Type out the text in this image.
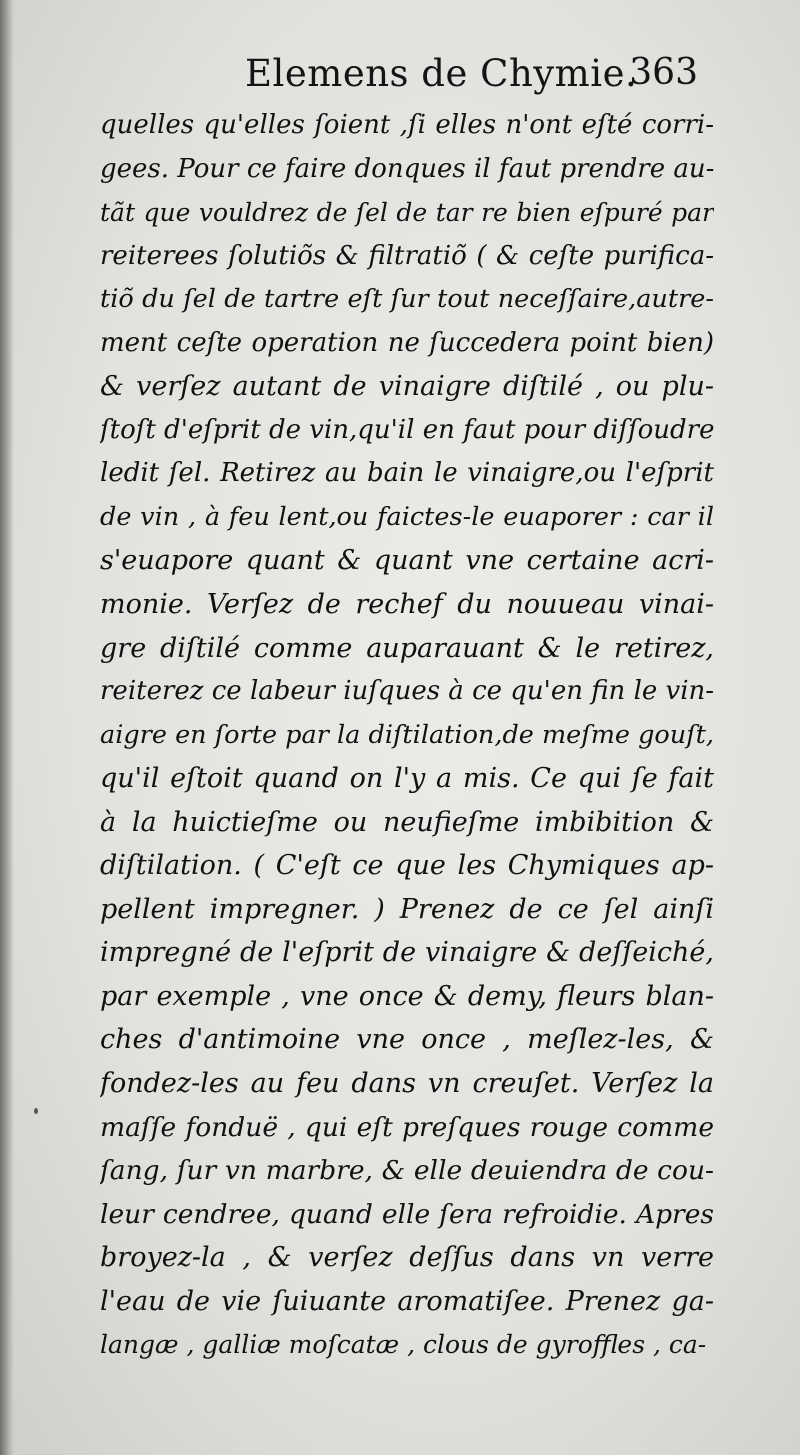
Elemens de Chymie.
363
quelles qu'elles ſoient ,ſi elles n'ont eſté corri-
gees. Pour ce faire donques il faut prendre au-
tãt que vouldrez de ſel de tar re bien eſpuré par
reiterees ſolutiõs & filtratiõ ( & ceſte purifica-
tiõ du ſel de tartre eſt ſur tout neceſſaire,autre-
ment ceſte operation ne ſuccedera point bien)
& verſez autant de vinaigre diſtilé , ou plu-
ſtoſt d'eſprit de vin,qu'il en faut pour diſſoudre
ledit ſel. Retirez au bain le vinaigre,ou l'eſprit
de vin , à feu lent,ou faictes-le euaporer : car il
s'euapore quant & quant vne certaine acri-
monie. Verſez de rechef du nouueau vinai-
gre diſtilé comme auparauant & le retirez,
reiterez ce labeur iuſques à ce qu'en fin le vin-
aigre en ſorte par la diſtilation,de meſme gouſt,
qu'il eſtoit quand on l'y a mis. Ce qui ſe fait
à la huictieſme ou neufieſme imbibition &
diſtilation. ( C'eſt ce que les Chymiques ap-
pellent impregner. ) Prenez de ce ſel ainſi
impregné de l'eſprit de vinaigre & deſſeiché,
par exemple , vne once & demy, fleurs blan-
ches d'antimoine vne once , meſlez-les, &
fondez-les au feu dans vn creuſet. Verſez la
maſſe fonduë , qui eſt preſques rouge comme
ſang, ſur vn marbre, & elle deuiendra de cou-
leur cendree, quand elle ſera refroidie. Apres
broyez-la , & verſez deſſus dans vn verre
l'eau de vie ſuiuante aromatiſee. Prenez ga-
langæ , galliæ moſcatæ , clous de gyroffles , ca-
